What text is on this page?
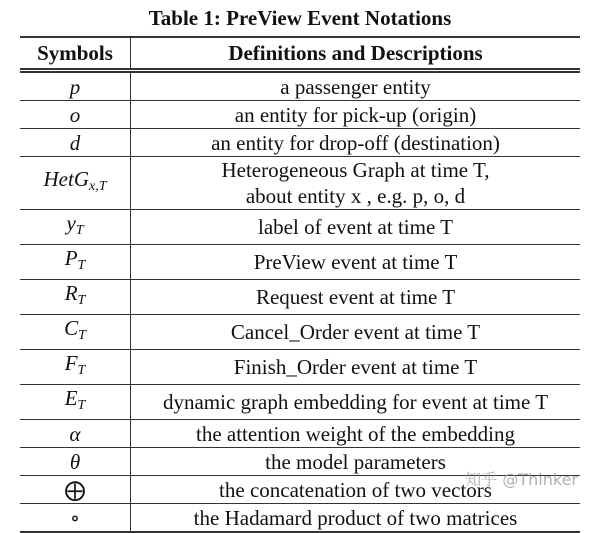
Table 1: PreView Event Notations
Symbols	Definitions and Descriptions
p	a passenger entity

o	an entity for pick-up (origin)

d	an entity for drop-off (destination)

HetG$_{x,T}$	Heterogeneous Graph at time T,
about entity x , e.g. p, o, d

$y_T$	label of event at time T

$P_T$	PreView event at time T

$R_T$	Request event at time T

$C_T$	Cancel_Order event at time T

$F_T$	Finish_Order event at time T

$E_T$	dynamic graph embedding for event at time T

α	the attention weight of the embedding

θ	the model parameters

⨁	the concatenation of two vectors

∘	the Hadamard product of two matrices
知乎 @Thinker
